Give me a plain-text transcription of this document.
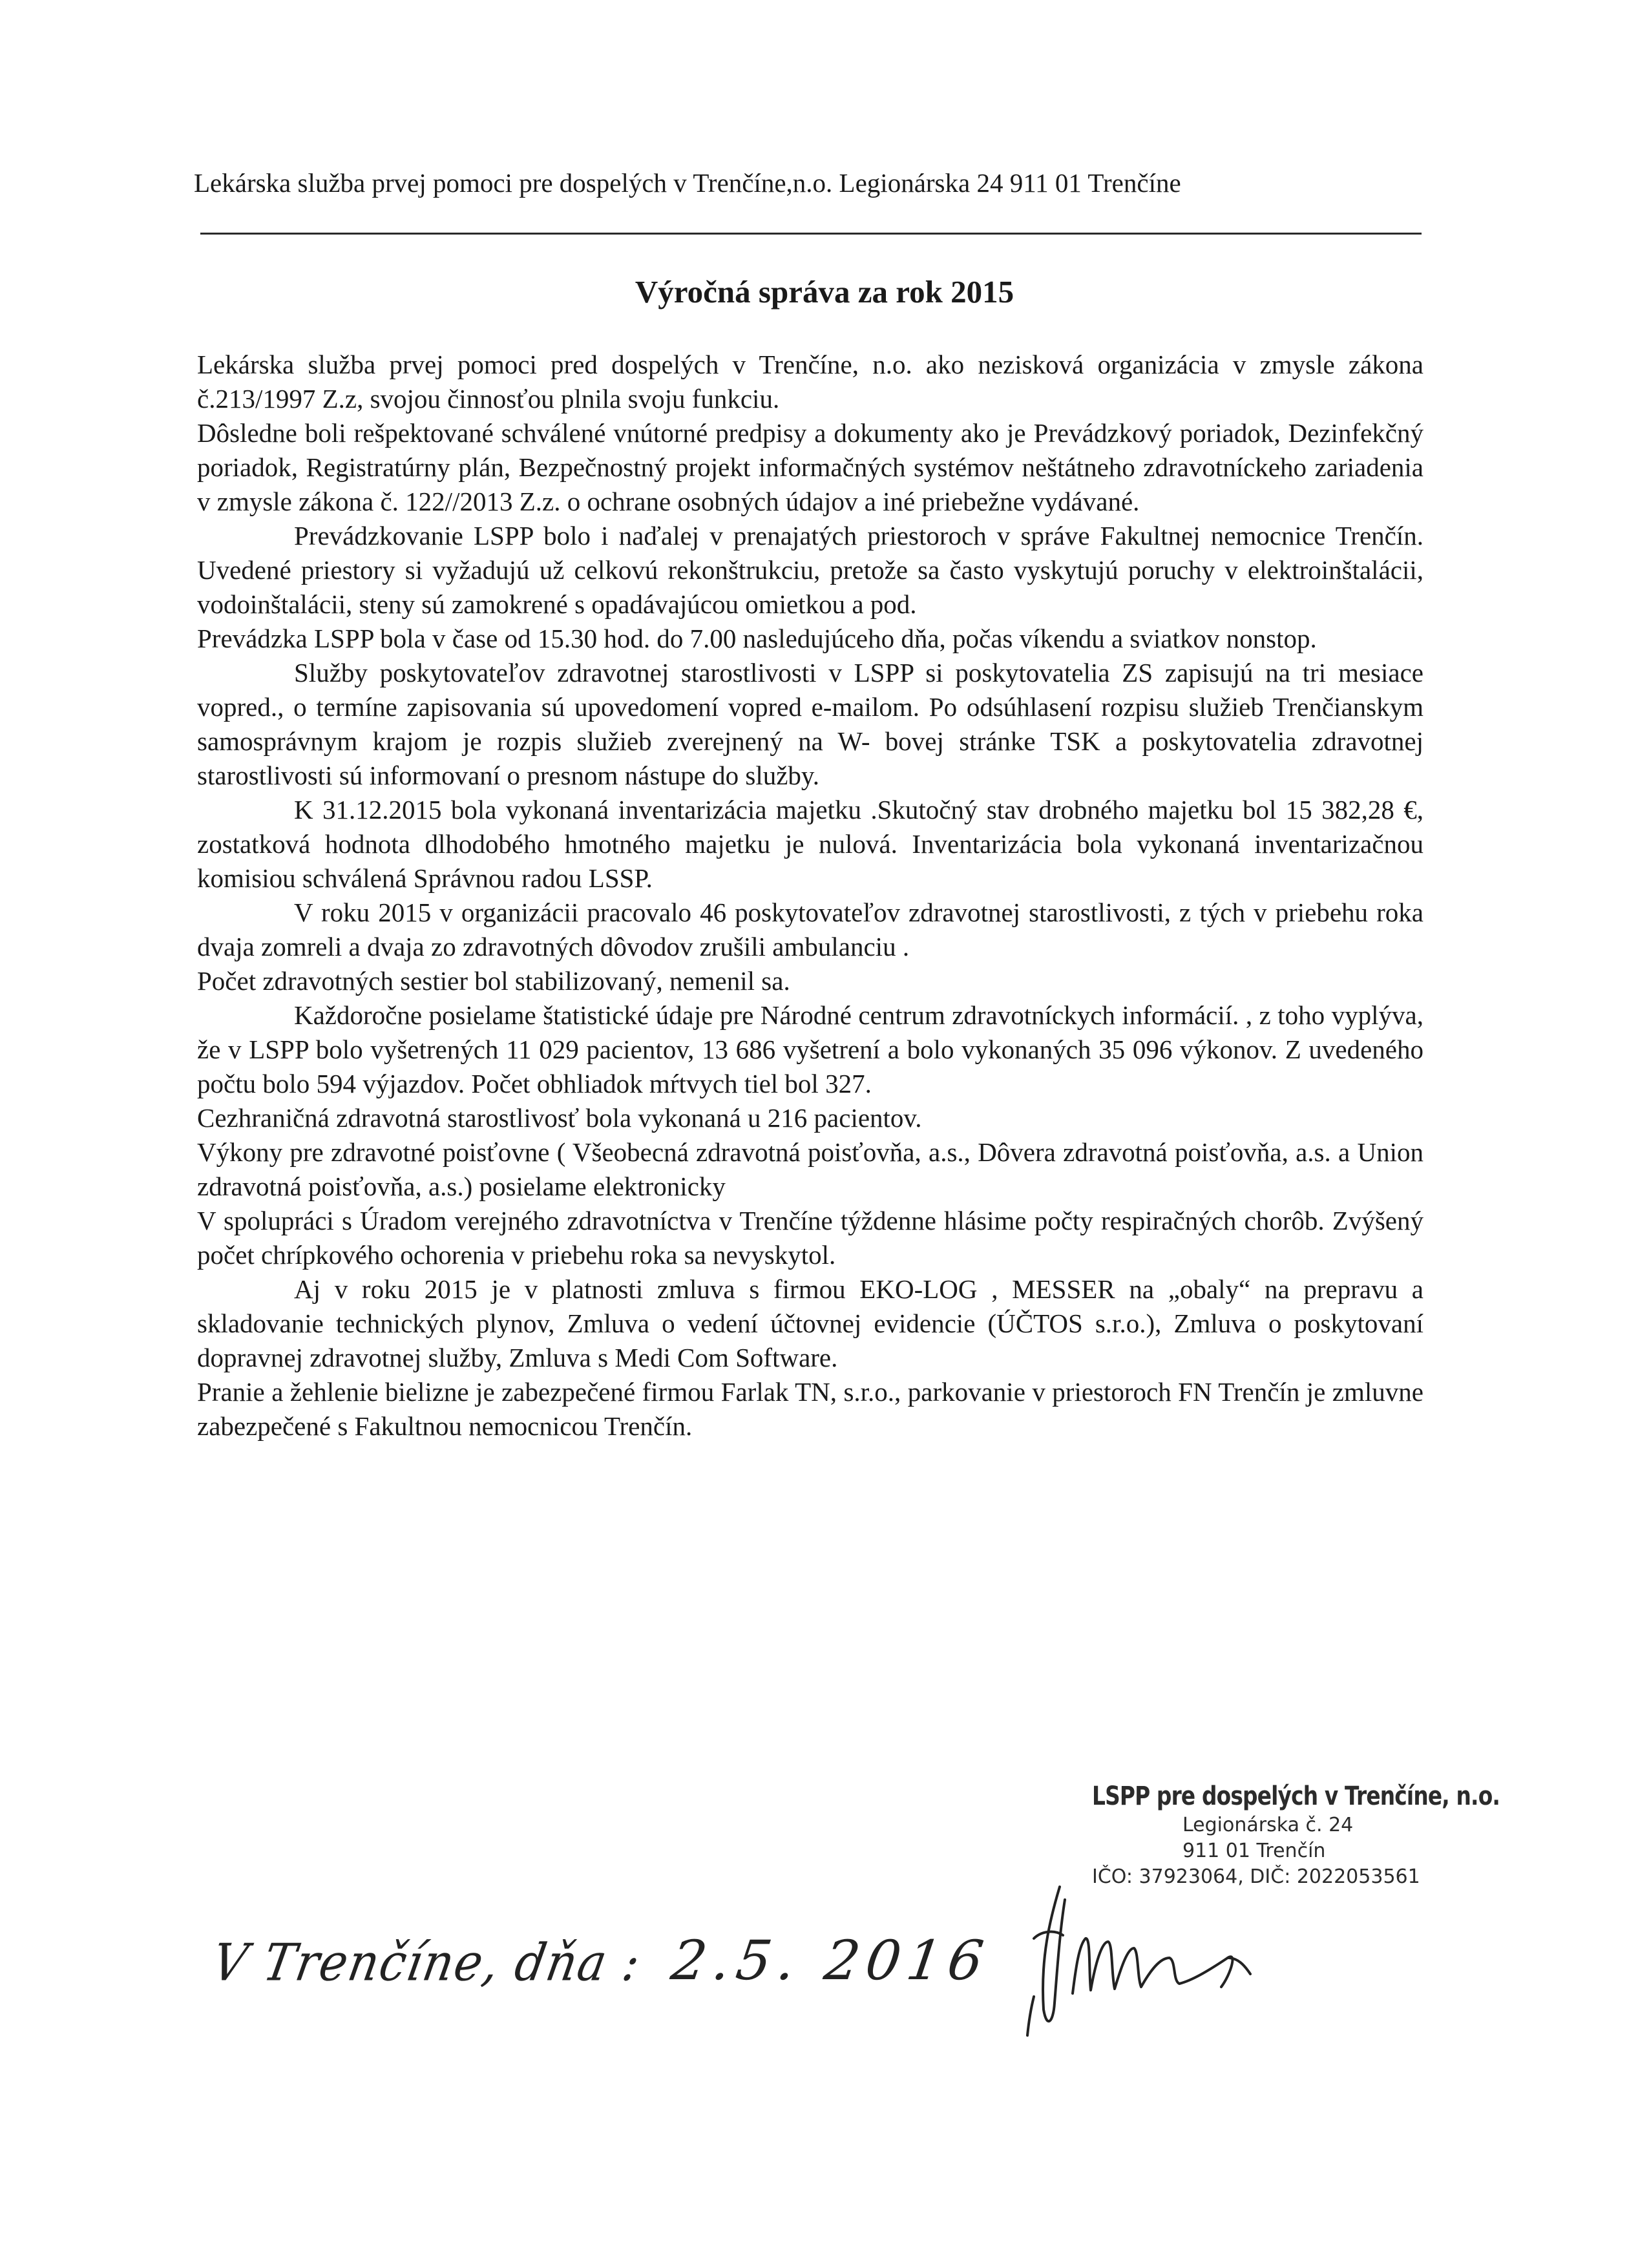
Lekárska služba prvej pomoci pre dospelých v Trenčíne,n.o. Legionárska 24 911 01 Trenčíne
Výročná správa za rok 2015

Lekárska služba prvej pomoci pred dospelých v Trenčíne, n.o. ako nezisková organizácia v zmysle zákona č.213/1997 Z.z, svojou činnosťou plnila svoju funkciu.

Dôsledne boli rešpektované schválené vnútorné predpisy a dokumenty ako je Prevádzkový poriadok, Dezinfekčný poriadok, Registratúrny plán, Bezpečnostný projekt informačných systémov neštátneho zdravotníckeho zariadenia v zmysle zákona č. 122//2013 Z.z. o ochrane osobných údajov a iné priebežne vydávané.

Prevádzkovanie LSPP bolo i naďalej v prenajatých priestoroch v správe Fakultnej nemocnice Trenčín. Uvedené priestory si vyžadujú už celkovú rekonštrukciu, pretože sa často vyskytujú poruchy v elektroinštalácii, vodoinštalácii, steny sú zamokrené s opadávajúcou omietkou a pod.

Prevádzka LSPP bola v čase od 15.30 hod. do 7.00 nasledujúceho dňa, počas víkendu a sviatkov nonstop.

Služby poskytovateľov zdravotnej starostlivosti v LSPP si poskytovatelia ZS zapisujú na tri mesiace vopred., o termíne zapisovania sú upovedomení vopred e-mailom. Po odsúhlasení rozpisu služieb Trenčianskym samosprávnym krajom je rozpis služieb zverejnený na W- bovej stránke TSK a poskytovatelia zdravotnej starostlivosti sú informovaní o presnom nástupe do služby.

K 31.12.2015 bola vykonaná inventarizácia majetku .Skutočný stav drobného majetku bol 15 382,28 €, zostatková hodnota dlhodobého hmotného majetku je nulová. Inventarizácia bola vykonaná inventarizačnou komisiou schválená Správnou radou LSSP.

V roku 2015 v organizácii pracovalo 46 poskytovateľov zdravotnej starostlivosti, z tých v priebehu roka dvaja zomreli a dvaja zo zdravotných dôvodov zrušili ambulanciu .

Počet zdravotných sestier bol stabilizovaný, nemenil sa.

Každoročne posielame štatistické údaje pre Národné centrum zdravotníckych informácií. , z toho vyplýva, že v LSPP bolo vyšetrených 11 029 pacientov, 13 686 vyšetrení a bolo vykonaných 35 096 výkonov. Z uvedeného počtu bolo 594 výjazdov. Počet obhliadok mŕtvych tiel bol 327.

Cezhraničná zdravotná starostlivosť bola vykonaná u 216 pacientov.

Výkony pre zdravotné poisťovne ( Všeobecná zdravotná poisťovňa, a.s., Dôvera zdravotná poisťovňa, a.s. a Union zdravotná poisťovňa, a.s.) posielame elektronicky

V spolupráci s Úradom verejného zdravotníctva v Trenčíne týždenne hlásime počty respiračných chorôb. Zvýšený počet chrípkového ochorenia v priebehu roka sa nevyskytol.

Aj v roku 2015 je v platnosti zmluva s firmou EKO-LOG , MESSER na „obaly“ na prepravu a skladovanie technických plynov, Zmluva o vedení účtovnej evidencie (ÚČTOS s.r.o.), Zmluva o poskytovaní dopravnej zdravotnej služby, Zmluva s Medi Com Software.

Pranie a žehlenie bielizne je zabezpečené firmou Farlak TN, s.r.o., parkovanie v priestoroch FN Trenčín je zmluvne zabezpečené s Fakultnou nemocnicou Trenčín.

LSPP pre dospelých v Trenčíne, n.o.
Legionárska č. 24
911 01 Trenčín
IČO: 37923064, DIČ: 2022053561
V Trenčíne, dňa : 2.5. 2016
